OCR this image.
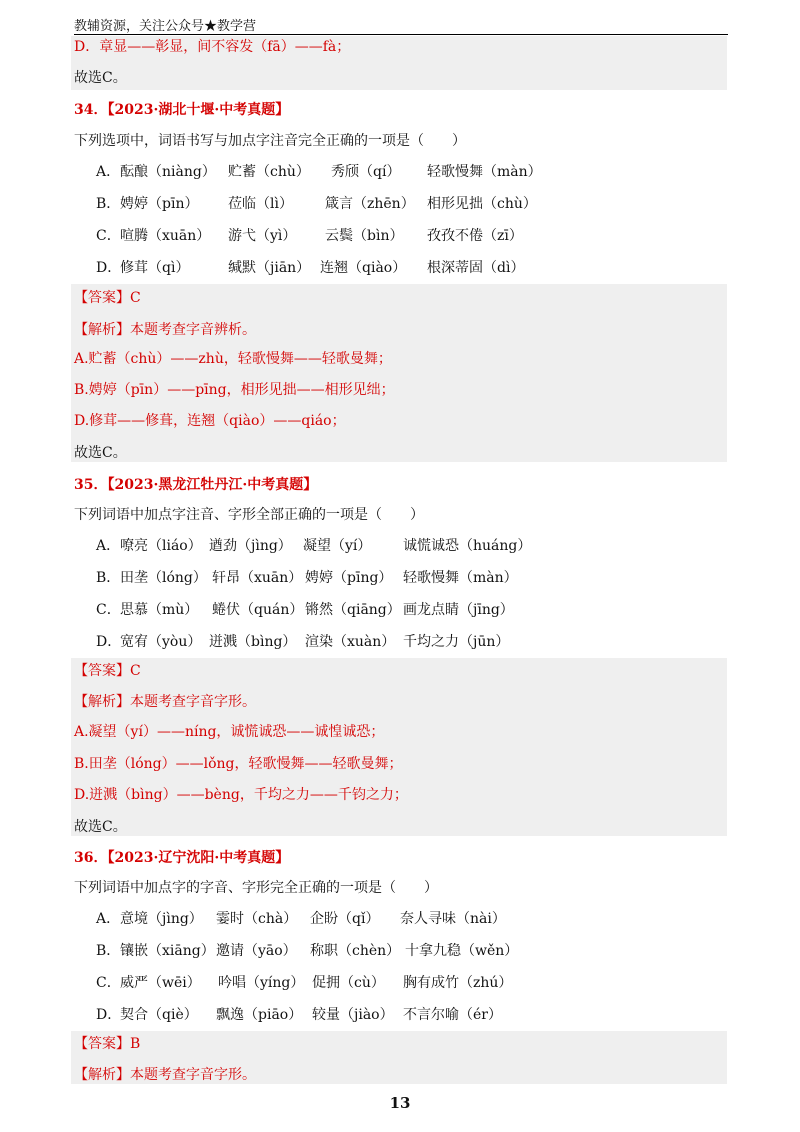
教辅资源，关注公众号★教学营
D．章显——彰显，间不容发（fā）——fà；
故选C。
34．【2023·湖北十堰·中考真题】
下列选项中，词语书写与加点字注音完全正确的一项是（　　）
A． 酝酿（niàng） 贮蓄（chù） 秀颀（qí） 轻歌慢舞（màn）
B． 娉婷（pīn） 莅临（lì） 箴言（zhēn） 相形见拙（chù）
C． 喧腾（xuān） 游弋（yì） 云鬓（bìn） 孜孜不倦（zī）
D．
修茸（qì）	缄默（jiān） 连翘（qiào） 根深蒂固（dì）
【答案】C
【解析】本题考查字音辨析。
A.贮蓄（chù）——zhù，轻歌慢舞——轻歌曼舞；
B.娉婷（pīn）——pīng，相形见拙——相形见绌；
D.修茸——修葺，连翘（qiào）——qiáo；
故选C。
35．【2023·黑龙江牡丹江·中考真题】
下列词语中加点字注音、字形全部正确的一项是（　　）
A． 嘹亮（liáo） 遒劲（jìng） 凝望（yí） 诚慌诚恐（huáng）
B． 田垄（lóng） 轩昂（xuān） 娉婷（pīng） 轻歌慢舞（màn）
C． 思慕（mù） 蜷伏（quán） 锵然（qiāng） 画龙点睛（jīng）
D．
宽宥（yòu） 迸溅（bìng） 渲染（xuàn） 千均之力（jūn）
【答案】C
【解析】本题考查字音字形。
A.凝望（yí）——níng，诚慌诚恐——诚惶诚恐；
B.田垄（lóng）——lǒng，轻歌慢舞——轻歌曼舞；
D.迸溅（bìng）——bèng，千均之力——千钧之力；
故选C。
36．【2023·辽宁沈阳·中考真题】
下列词语中加点字的字音、字形完全正确的一项是（　　）
A． 意境（jìng） 霎时（chà） 企盼（qǐ） 奈人寻味（nài）
B． 镶嵌（xiāng） 邀请（yāo） 称职（chèn） 十拿九稳（wěn）
C． 威严（wēi） 吟唱（yíng） 促拥（cù） 胸有成竹（zhú）
D．
契合（qiè） 飘逸（piāo） 较量（jiào） 不言尔喻（ér）
【答案】B
【解析】本题考查字音字形。
13
